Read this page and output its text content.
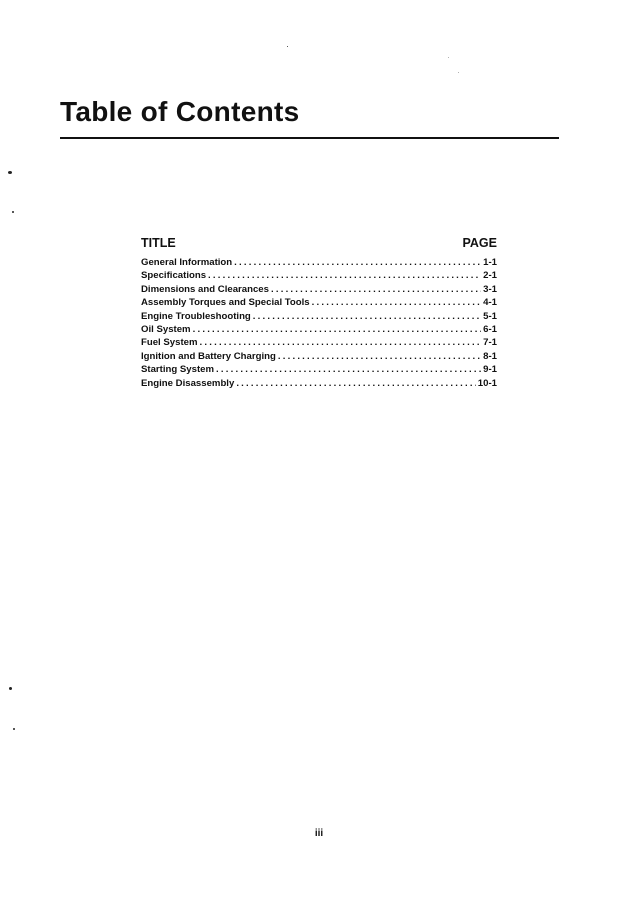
Table of Contents
TITLE	PAGE
General Information .....	1-1
Specifications .....	2-1
Dimensions and Clearances .....	3-1
Assembly Torques and Special Tools .....	4-1
Engine Troubleshooting .....	5-1
Oil System .....	6-1
Fuel System .....	7-1
Ignition and Battery Charging .....	8-1
Starting System .....	9-1
Engine Disassembly .....	10-1
iii
